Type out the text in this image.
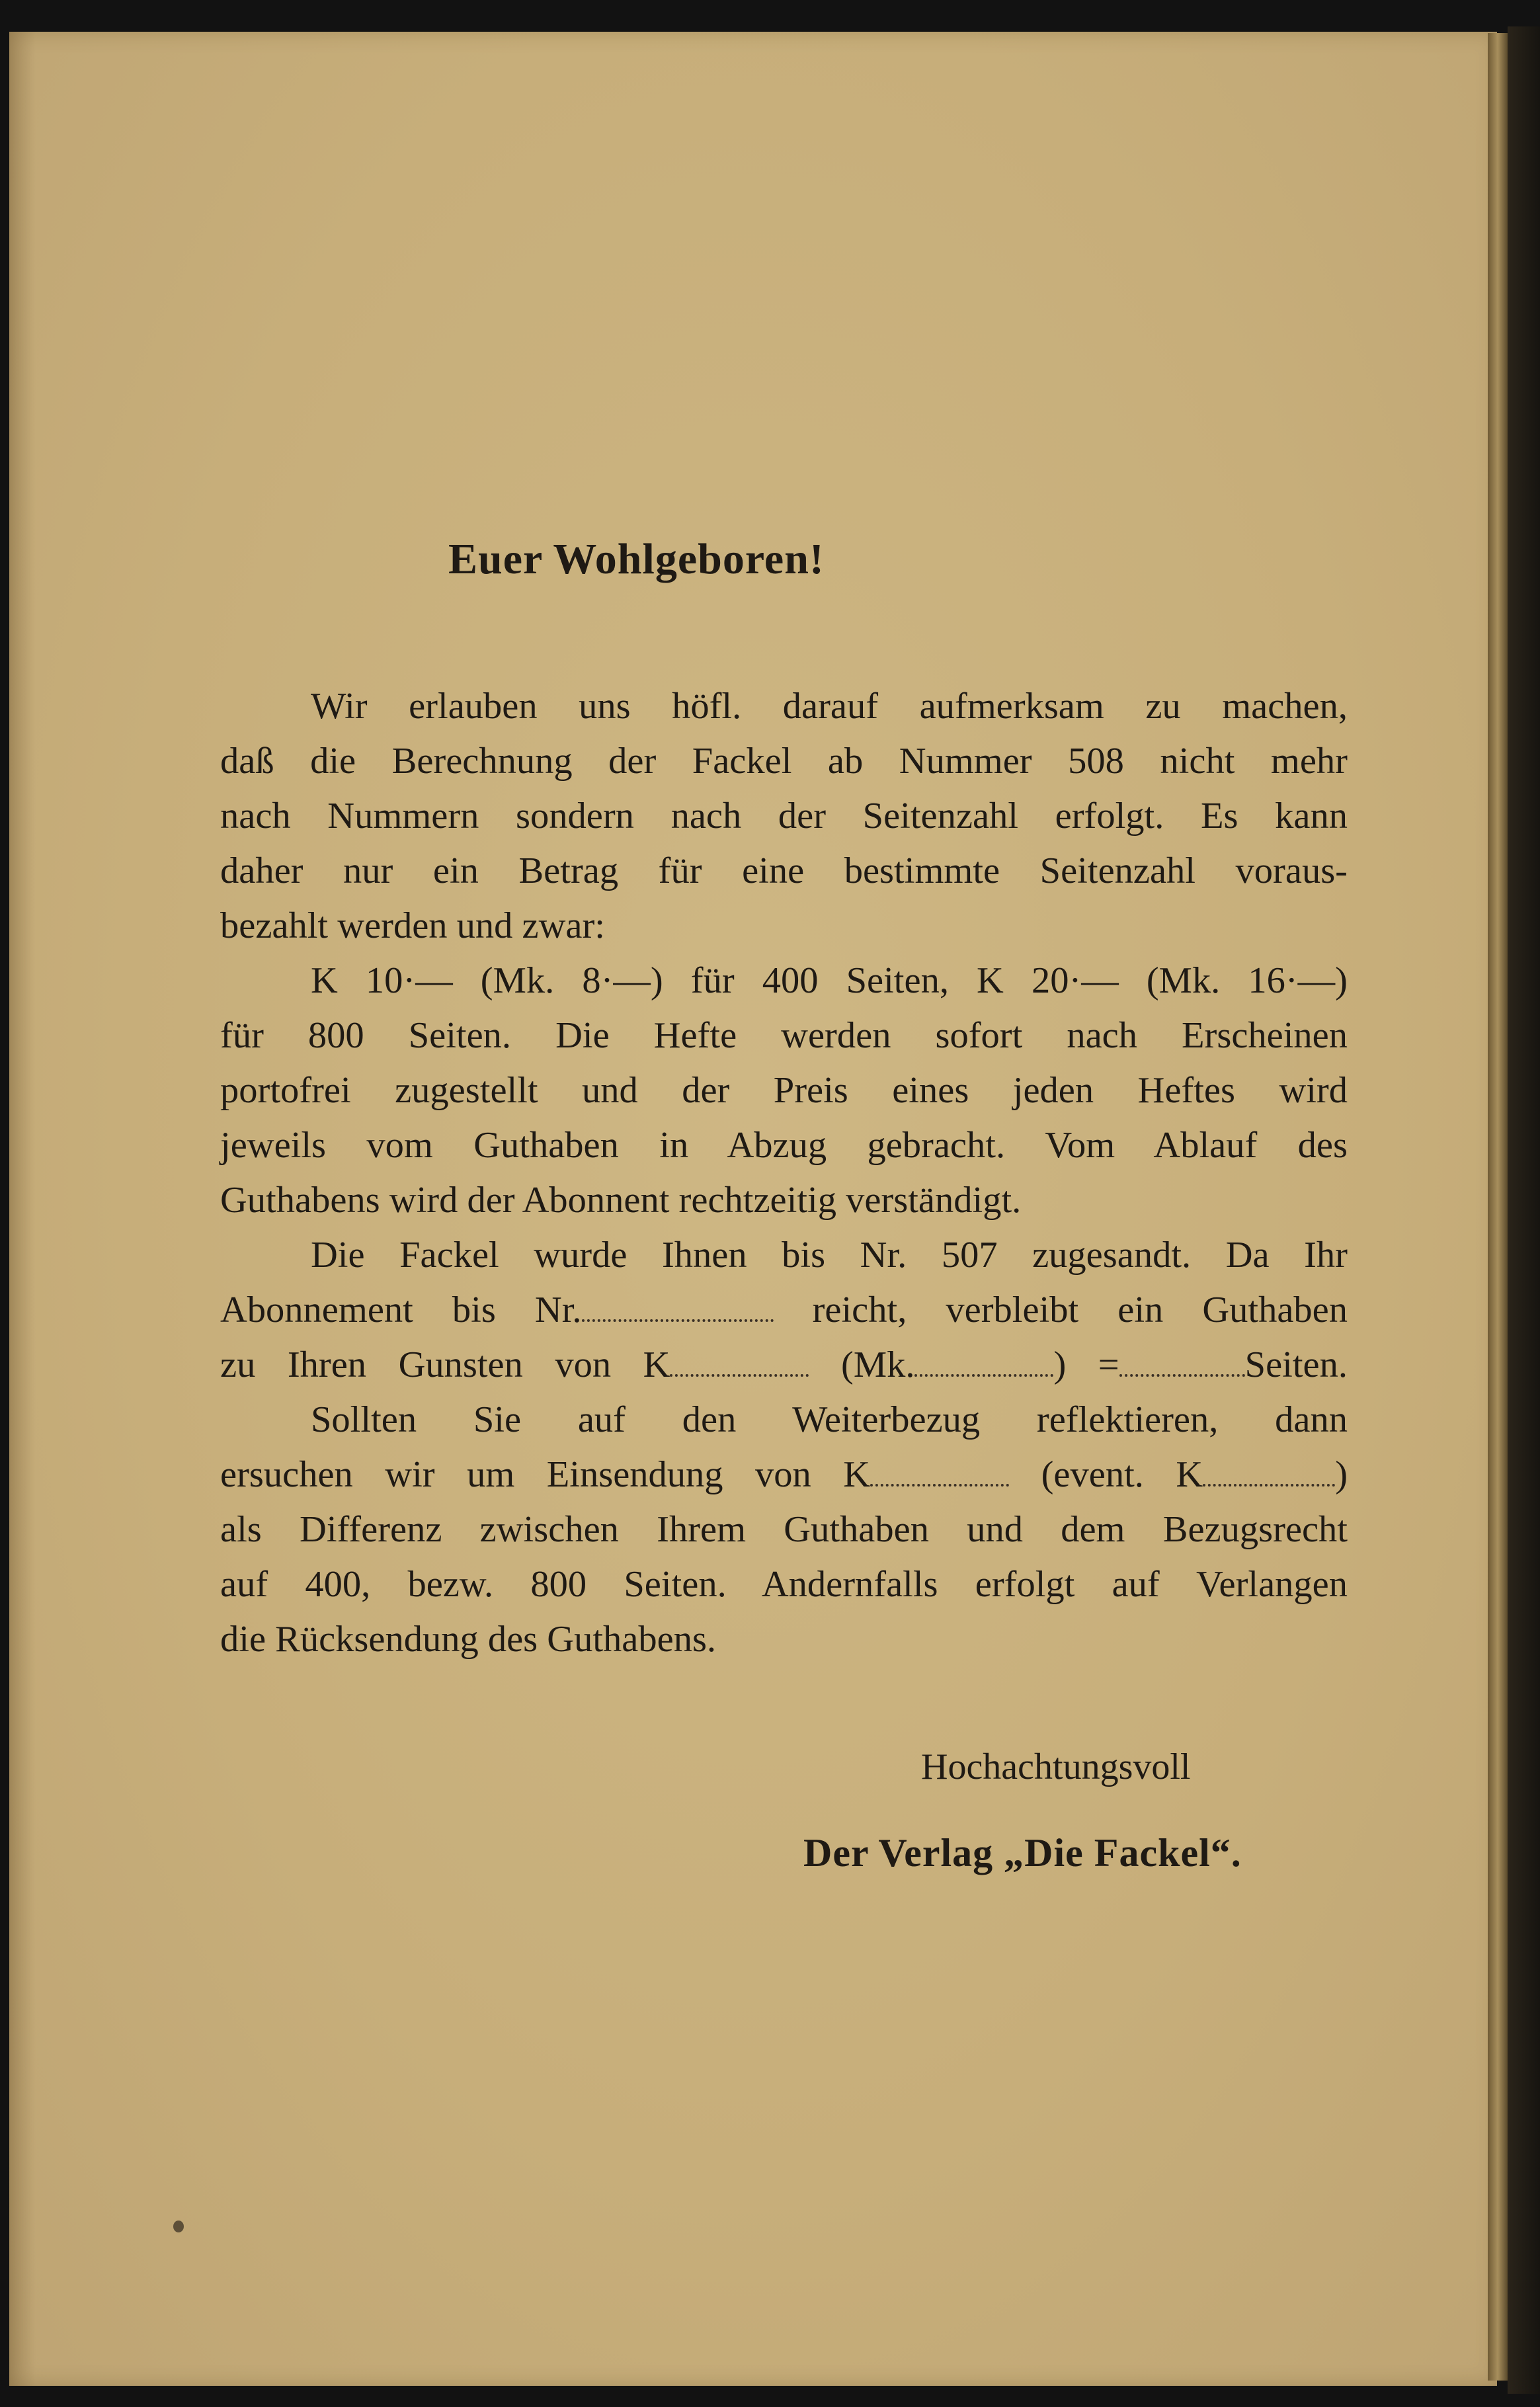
Euer Wohlgeboren!
Wir erlauben uns höfl. darauf aufmerksam zu machen,
daß die Berechnung der Fackel ab Nummer 508 nicht mehr
nach Nummern sondern nach der Seitenzahl erfolgt. Es kann
daher nur ein Betrag für eine bestimmte Seitenzahl voraus-
bezahlt werden und zwar:
K 10·— (Mk. 8·—) für 400 Seiten, K 20·— (Mk. 16·—)
für 800 Seiten. Die Hefte werden sofort nach Erscheinen
portofrei zugestellt und der Preis eines jeden Heftes wird
jeweils vom Guthaben in Abzug gebracht. Vom Ablauf des
Guthabens wird der Abonnent rechtzeitig verständigt.
Die Fackel wurde Ihnen bis Nr. 507 zugesandt. Da Ihr
Abonnement bis Nr.	reicht, verbleibt ein Guthaben
zu Ihren Gunsten von K	(Mk.	) =	Seiten.
Sollten Sie auf den Weiterbezug reflektieren, dann
ersuchen wir um Einsendung von K	(event. K	)
als Differenz zwischen Ihrem Guthaben und dem Bezugsrecht
auf 400, bezw. 800 Seiten. Andernfalls erfolgt auf Verlangen
die Rücksendung des Guthabens.
Hochachtungsvoll
Der Verlag „Die Fackel“.
